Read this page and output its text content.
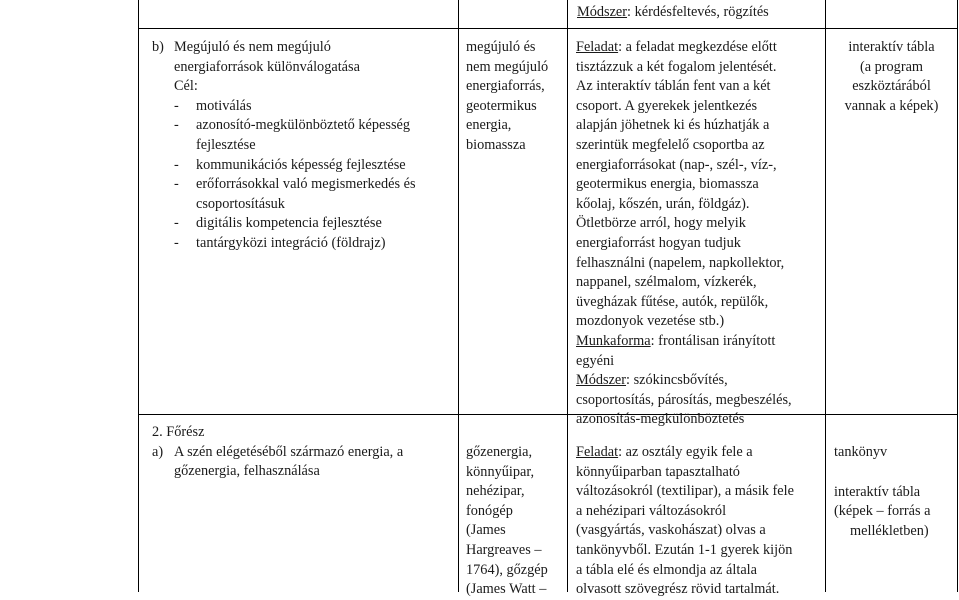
Módszer: kérdésfeltevés, rögzítés
b) Megújuló és nem megújuló
energiaforrások különválogatása
Cél:
- motiválás
- azonosító-megkülönböztető képesség
fejlesztése
- kommunikációs képesség fejlesztése
- erőforrásokkal való megismerkedés és
csoportosításuk
- digitális kompetencia fejlesztése
- tantárgyközi integráció (földrajz)
megújuló és
nem megújuló
energiaforrás,
geotermikus
energia,
biomassza
Feladat: a feladat megkezdése előtt
tisztázzuk a két fogalom jelentését.
Az interaktív táblán fent van a két
csoport. A gyerekek jelentkezés
alapján jöhetnek ki és húzhatják a
szerintük megfelelő csoportba az
energiaforrásokat (nap-, szél-, víz-,
geotermikus energia, biomassza
kőolaj, kőszén, urán, földgáz).
Ötletbörze arról, hogy melyik
energiaforrást hogyan tudjuk
felhasználni (napelem, napkollektor,
nappanel, szélmalom, vízkerék,
üvegházak fűtése, autók, repülők,
mozdonyok vezetése stb.)
Munkaforma: frontálisan irányított
egyéni
Módszer: szókincsbővítés,
csoportosítás, párosítás, megbeszélés,
azonosítás-megkülönböztetés
interaktív tábla
(a program
eszköztárából
vannak a képek)
2. Főrész
a) A szén elégetéséből származó energia, a
gőzenergia, felhasználása
gőzenergia,
könnyűipar,
nehézipar,
fonógép
(James
Hargreaves –
1764), gőzgép
(James Watt –
Feladat: az osztály egyik fele a
könnyűiparban tapasztalható
változásokról (textilipar), a másik fele
a nehézipari változásokról
(vasgyártás, vaskohászat) olvas a
tankönyvből. Ezután 1-1 gyerek kijön
a tábla elé és elmondja az általa
olvasott szövegrész rövid tartalmát.
tankönyv
interaktív tábla
(képek – forrás a
mellékletben)
